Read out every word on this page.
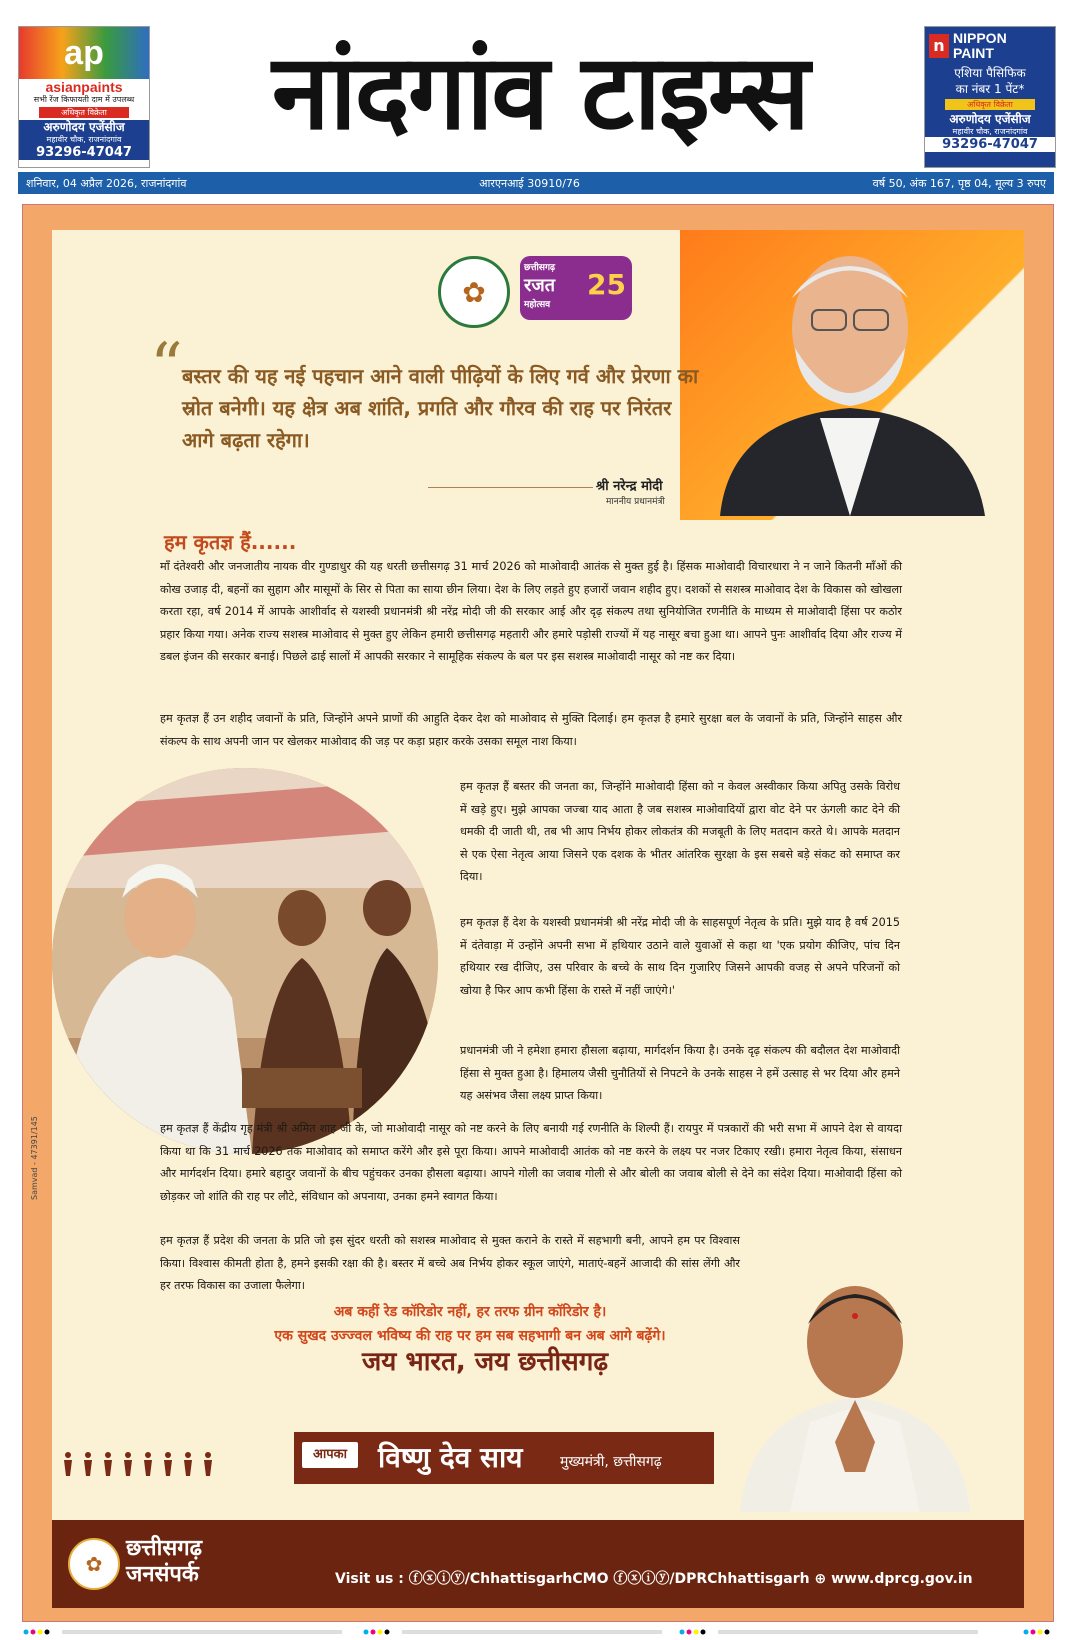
ap
asianpaints
सभी रेंज किफायती दाम में उपलब्ध
अधिकृत विक्रेता
अरुणोदय एजेंसीज
महावीर चौक, राजनांदगांव
93296-47047	नांदगांव टाइम्स	n NIPPON
PAINT
एशिया पैसिफिक
का नंबर 1 पेंट*
अधिकृत विक्रेता
अरुणोदय एजेंसीज
महावीर चौक, राजनांदगांव
93296-47047
शनिवार, 04 अप्रैल 2026, राजनांदगांव	आरएनआई 30910/76	वर्ष 50, अंक 167, पृष्ठ 04, मूल्य 3 रुपए
Samvad - 47391/145
✿
छत्तीसगढ़
रजत
महोत्सव
25
“ बस्तर की यह नई पहचान आने वाली पीढ़ियों के लिए गर्व और प्रेरणा का स्रोत बनेगी। यह क्षेत्र अब शांति, प्रगति और गौरव की राह पर निरंतर आगे बढ़ता रहेगा।
श्री नरेन्द्र मोदी
माननीय प्रधानमंत्री
हम कृतज्ञ हैं......
माँ दंतेश्वरी और जनजातीय नायक वीर गुण्डाधुर की यह धरती छत्तीसगढ़ 31 मार्च 2026 को माओवादी आतंक से मुक्त हुई है। हिंसक माओवादी विचारधारा ने न जाने कितनी माँओं की कोख उजाड़ दी, बहनों का सुहाग और मासूमों के सिर से पिता का साया छीन लिया। देश के लिए लड़ते हुए हजारों जवान शहीद हुए। दशकों से सशस्त्र माओवाद देश के विकास को खोखला करता रहा, वर्ष 2014 में आपके आशीर्वाद से यशस्वी प्रधानमंत्री श्री नरेंद्र मोदी जी की सरकार आई और दृढ़ संकल्प तथा सुनियोजित रणनीति के माध्यम से माओवादी हिंसा पर कठोर प्रहार किया गया। अनेक राज्य सशस्त्र माओवाद से मुक्त हुए लेकिन हमारी छत्तीसगढ़ महतारी और हमारे पड़ोसी राज्यों में यह नासूर बचा हुआ था। आपने पुनः आशीर्वाद दिया और राज्य में डबल इंजन की सरकार बनाई। पिछले ढाई सालों में आपकी सरकार ने सामूहिक संकल्प के बल पर इस सशस्त्र माओवादी नासूर को नष्ट कर दिया।
हम कृतज्ञ हैं उन शहीद जवानों के प्रति, जिन्होंने अपने प्राणों की आहुति देकर देश को माओवाद से मुक्ति दिलाई। हम कृतज्ञ है हमारे सुरक्षा बल के जवानों के प्रति, जिन्होंने साहस और संकल्प के साथ अपनी जान पर खेलकर माओवाद की जड़ पर कड़ा प्रहार करके उसका समूल नाश किया।
हम कृतज्ञ हैं बस्तर की जनता का, जिन्होंने माओवादी हिंसा को न केवल अस्वीकार किया अपितु उसके विरोध में खड़े हुए। मुझे आपका जज्बा याद आता है जब सशस्त्र माओवादियों द्वारा वोट देने पर ऊंगली काट देने की धमकी दी जाती थी, तब भी आप निर्भय होकर लोकतंत्र की मजबूती के लिए मतदान करते थे। आपके मतदान से एक ऐसा नेतृत्व आया जिसने एक दशक के भीतर आंतरिक सुरक्षा के इस सबसे बड़े संकट को समाप्त कर दिया।
हम कृतज्ञ हैं देश के यशस्वी प्रधानमंत्री श्री नरेंद्र मोदी जी के साहसपूर्ण नेतृत्व के प्रति। मुझे याद है वर्ष 2015 में दंतेवाड़ा में उन्होंने अपनी सभा में हथियार उठाने वाले युवाओं से कहा था 'एक प्रयोग कीजिए, पांच दिन हथियार रख दीजिए, उस परिवार के बच्चे के साथ दिन गुजारिए जिसने आपकी वजह से अपने परिजनों को खोया है फिर आप कभी हिंसा के रास्ते में नहीं जाएंगे।'
प्रधानमंत्री जी ने हमेशा हमारा हौसला बढ़ाया, मार्गदर्शन किया है। उनके दृढ़ संकल्प की बदौलत देश माओवादी हिंसा से मुक्त हुआ है। हिमालय जैसी चुनौतियों से निपटने के उनके साहस ने हमें उत्साह से भर दिया और हमने यह असंभव जैसा लक्ष्य प्राप्त किया।
हम कृतज्ञ हैं केंद्रीय गृह मंत्री श्री अमित शाह जी के, जो माओवादी नासूर को नष्ट करने के लिए बनायी गई रणनीति के शिल्पी हैं। रायपुर में पत्रकारों की भरी सभा में आपने देश से वायदा किया था कि 31 मार्च 2026 तक माओवाद को समाप्त करेंगे और इसे पूरा किया। आपने माओवादी आतंक को नष्ट करने के लक्ष्य पर नजर टिकाए रखी। हमारा नेतृत्व किया, संसाधन और मार्गदर्शन दिया। हमारे बहादुर जवानों के बीच पहुंचकर उनका हौसला बढ़ाया। आपने गोली का जवाब गोली से और बोली का जवाब बोली से देने का संदेश दिया। माओवादी हिंसा को छोड़कर जो शांति की राह पर लौटे, संविधान को अपनाया, उनका हमने स्वागत किया।
हम कृतज्ञ हैं प्रदेश की जनता के प्रति जो इस सुंदर धरती को सशस्त्र माओवाद से मुक्त कराने के रास्ते में सहभागी बनी, आपने हम पर विश्वास किया। विश्वास कीमती होता है, हमने इसकी रक्षा की है। बस्तर में बच्चे अब निर्भय होकर स्कूल जाएंगे, माताएं-बहनें आजादी की सांस लेंगी और हर तरफ विकास का उजाला फैलेगा।
अब कहीं रेड कॉरिडोर नहीं, हर तरफ ग्रीन कॉरिडोर है।
एक सुखद उज्ज्वल भविष्य की राह पर हम सब सहभागी बन अब आगे बढ़ेंगे।
जय भारत, जय छत्तीसगढ़
आपका	विष्णु देव साय	मुख्यमंत्री, छत्तीसगढ़
✿
छत्तीसगढ़
जनसंपर्क	Visit us : ⓕⓧⓘⓨ/ChhattisgarhCMO ⓕⓧⓘⓨ/DPRChhattisgarh ⊕ www.dprcg.gov.in
